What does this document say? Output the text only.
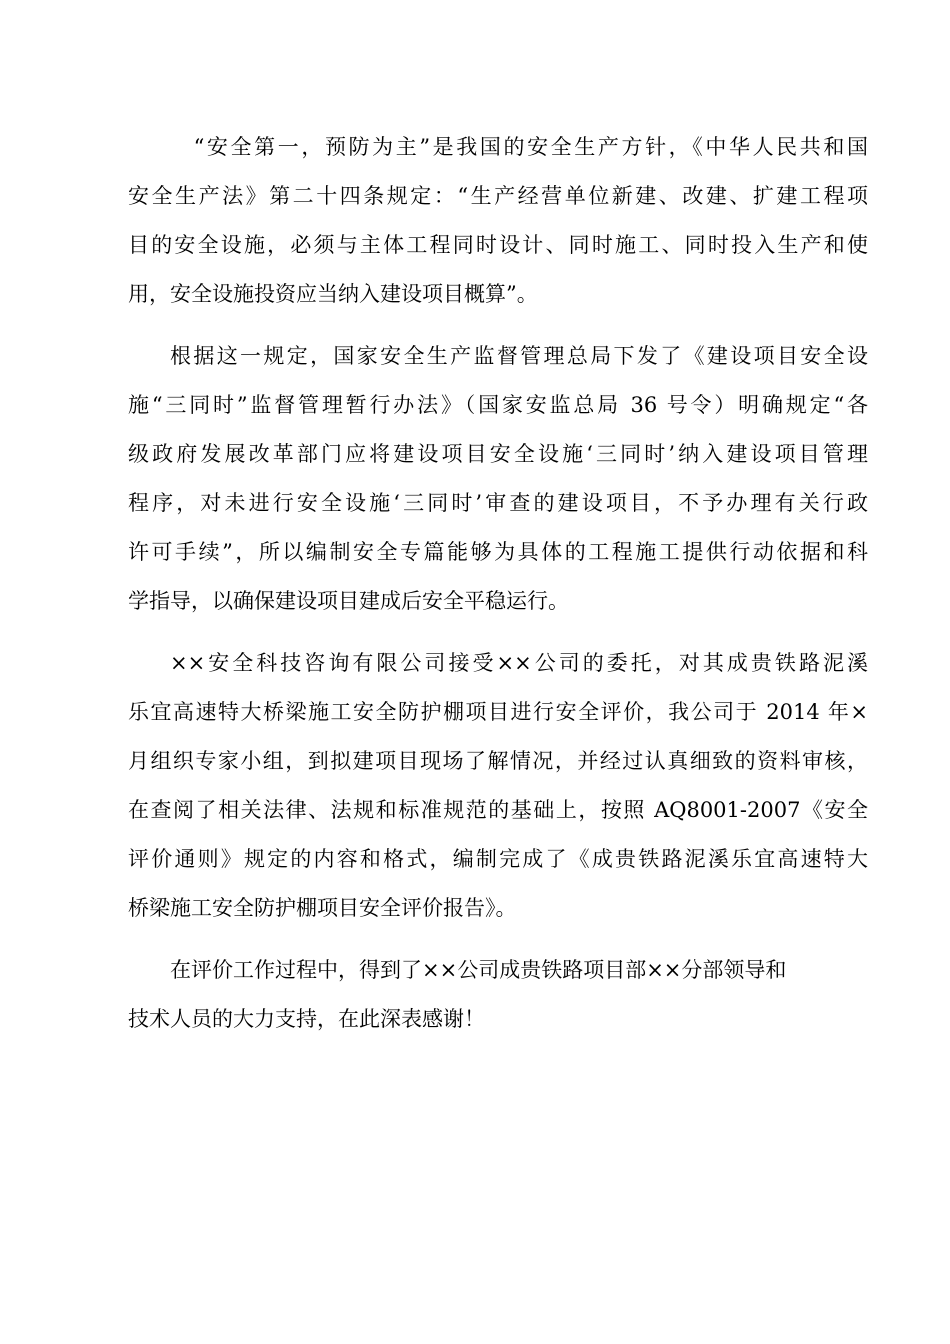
　“安全第一，预防为主”是我国的安全生产方针，《中华人民共和国
安全生产法》第二十四条规定：“生产经营单位新建、改建、扩建工程项
目的安全设施，必须与主体工程同时设计、同时施工、同时投入生产和使
用，安全设施投资应当纳入建设项目概算”。
根据这一规定，国家安全生产监督管理总局下发了《建设项目安全设
施“三同时”监督管理暂行办法》（国家安监总局 36 号令）明确规定“各
级政府发展改革部门应将建设项目安全设施‘三同时’纳入建设项目管理
程序，对未进行安全设施‘三同时’审查的建设项目，不予办理有关行政
许可手续”，所以编制安全专篇能够为具体的工程施工提供行动依据和科
学指导，以确保建设项目建成后安全平稳运行。
××安全科技咨询有限公司接受××公司的委托，对其成贵铁路泥溪
乐宜高速特大桥梁施工安全防护棚项目进行安全评价，我公司于 2014 年×
月组织专家小组，到拟建项目现场了解情况，并经过认真细致的资料审核，
在查阅了相关法律、法规和标准规范的基础上，按照 AQ8001-2007《安全
评价通则》规定的内容和格式，编制完成了《成贵铁路泥溪乐宜高速特大
桥梁施工安全防护棚项目安全评价报告》。
在评价工作过程中，得到了××公司成贵铁路项目部××分部领导和
技术人员的大力支持，在此深表感谢！
